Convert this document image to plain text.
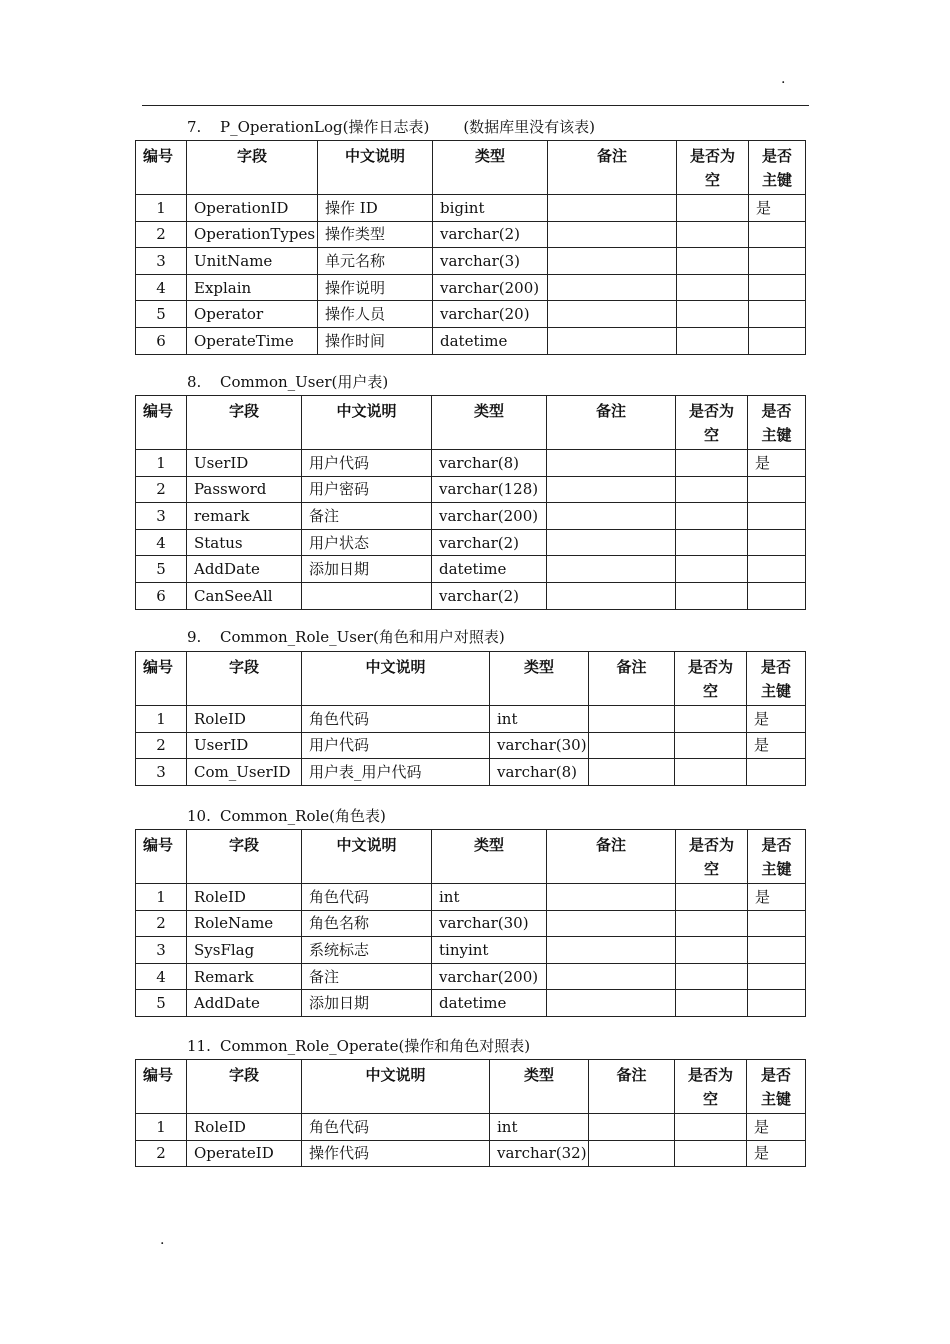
.
7. P_OperationLog(操作日志表) (数据库里没有该表)
编号	字段	中文说明	类型	备注	是否为空	是否主键
1	OperationID	操作 ID	bigint			是
2	OperationTypes	操作类型	varchar(2)			
3	UnitName	单元名称	varchar(3)			
4	Explain	操作说明	varchar(200)			
5	Operator	操作人员	varchar(20)			
6	OperateTime	操作时间	datetime			
8. Common_User(用户表)
编号	字段	中文说明	类型	备注	是否为空	是否主键
1	UserID	用户代码	varchar(8)			是
2	Password	用户密码	varchar(128)			
3	remark	备注	varchar(200)			
4	Status	用户状态	varchar(2)			
5	AddDate	添加日期	datetime			
6	CanSeeAll		varchar(2)			
9. Common_Role_User(角色和用户对照表)
编号	字段	中文说明	类型	备注	是否为空	是否主键
1	RoleID	角色代码	int			是
2	UserID	用户代码	varchar(30)			是
3	Com_UserID	用户表_用户代码	varchar(8)			
10. Common_Role(角色表)
编号	字段	中文说明	类型	备注	是否为空	是否主键
1	RoleID	角色代码	int			是
2	RoleName	角色名称	varchar(30)			
3	SysFlag	系统标志	tinyint			
4	Remark	备注	varchar(200)			
5	AddDate	添加日期	datetime			
11. Common_Role_Operate(操作和角色对照表)
编号	字段	中文说明	类型	备注	是否为空	是否主键
1	RoleID	角色代码	int			是
2	OperateID	操作代码	varchar(32)			是
.
